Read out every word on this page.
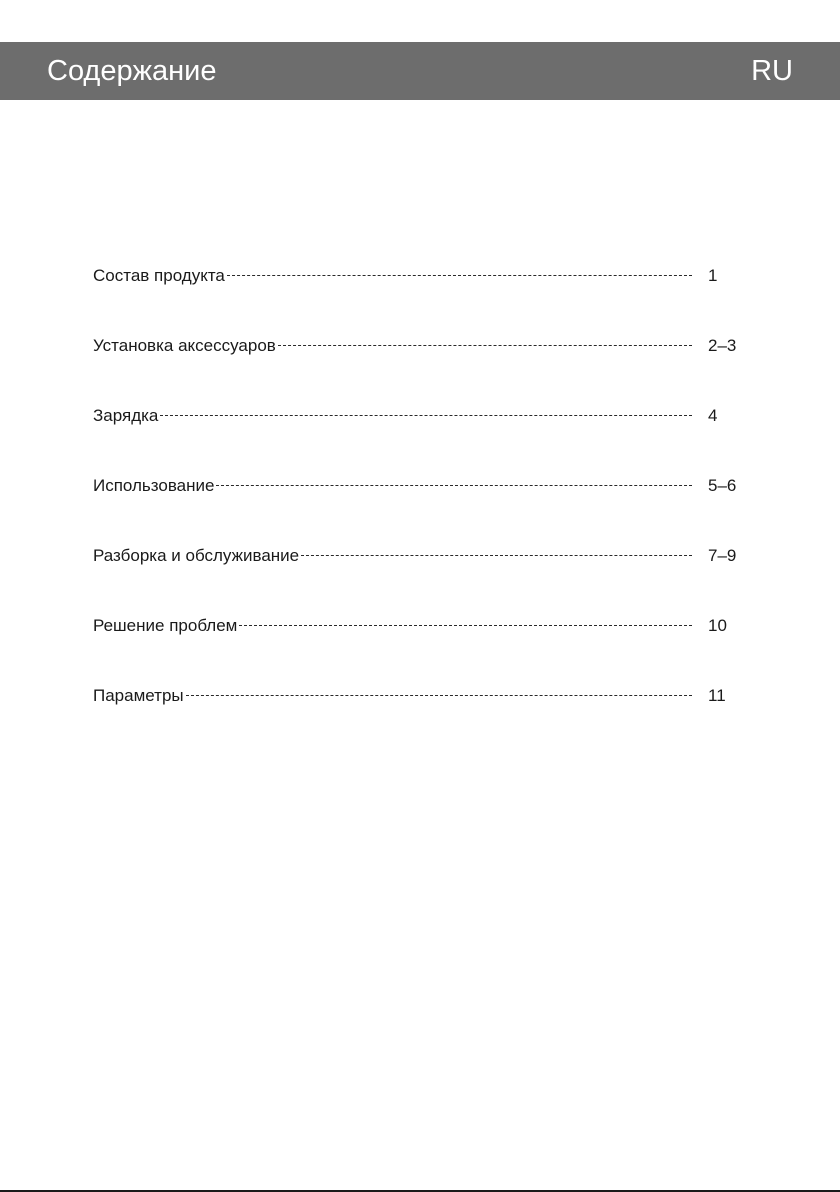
Содержание	RU
Состав продукта	1
Установка аксессуаров	2–3
Зарядка	4
Использование	5–6
Разборка и обслуживание	7–9
Решение проблем	10
Параметры	11
